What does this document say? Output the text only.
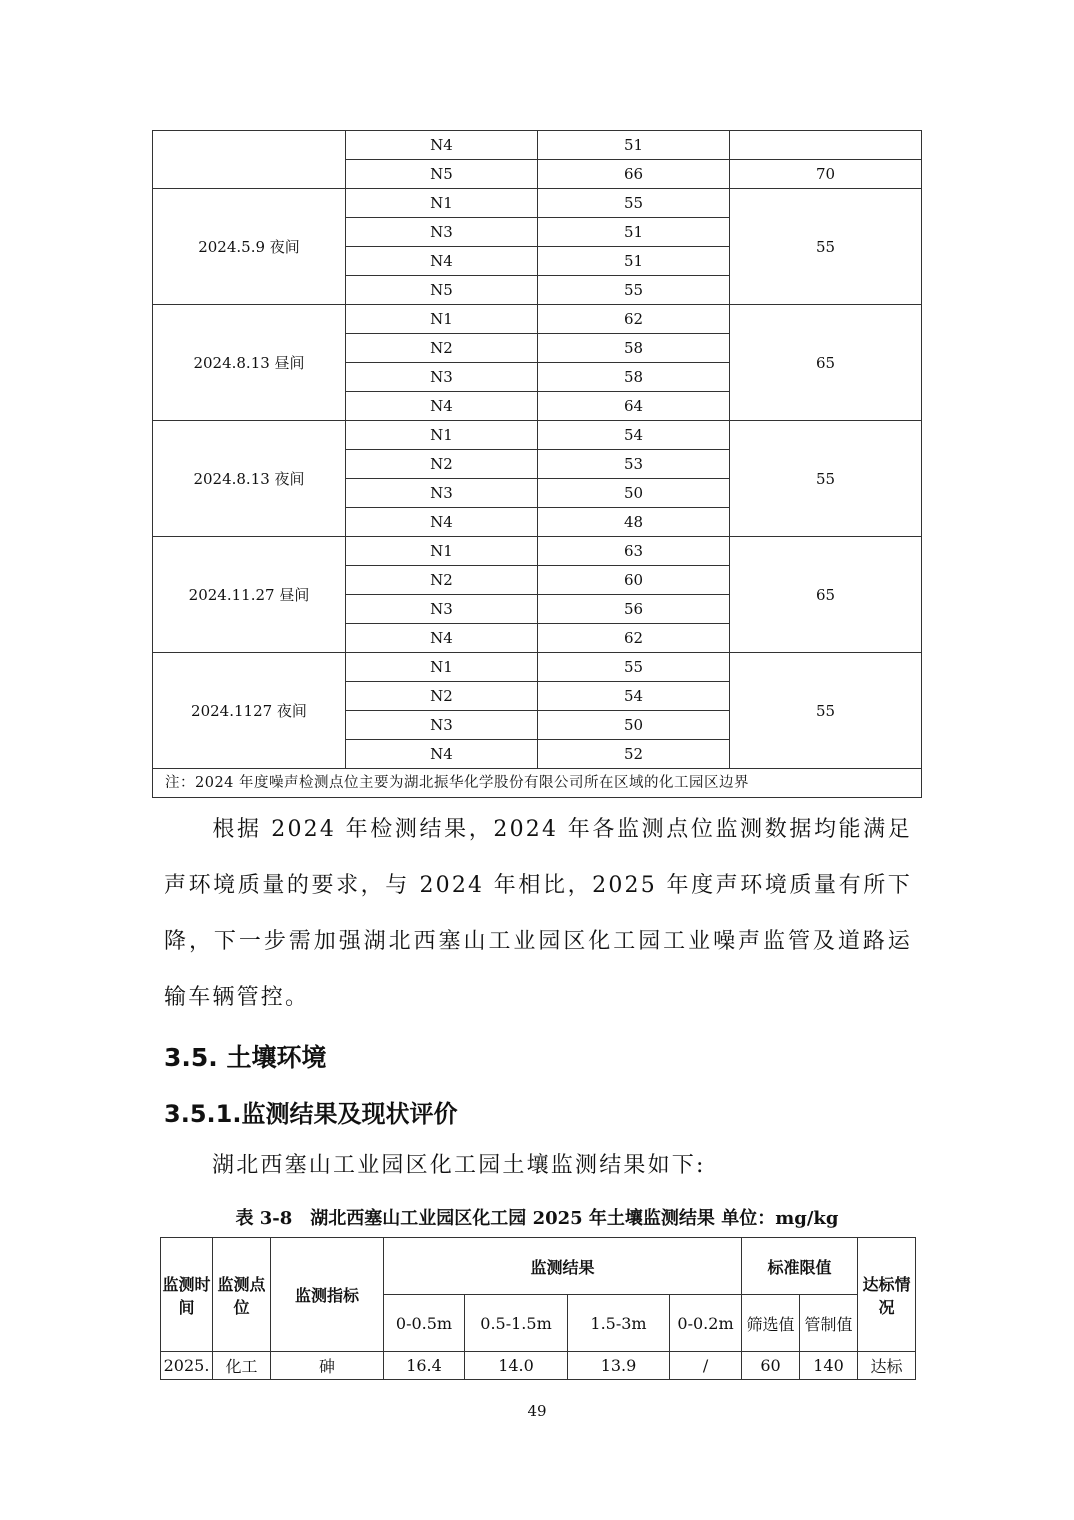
	N4	51	
	N5	66	70
2024.5.9 夜间	N1	55	55
	N3	51	
	N4	51	
	N5	55	
2024.8.13 昼间	N1	62	65
	N2	58	
	N3	58	
	N4	64	
2024.8.13 夜间	N1	54	55
	N2	53	
	N3	50	
	N4	48	
2024.11.27 昼间	N1	63	65
	N2	60	
	N3	56	
	N4	62	
2024.1127 夜间	N1	55	55
	N2	54	
	N3	50	
	N4	52	
注：2024 年度噪声检测点位主要为湖北振华化学股份有限公司所在区域的化工园区边界			
根据 2024 年检测结果，2024 年各监测点位监测数据均能满足声环境质量的要求，与 2024 年相比，2025 年度声环境质量有所下降，下一步需加强湖北西塞山工业园区化工园工业噪声监管及道路运输车辆管控。
3.5. 土壤环境
3.5.1.监测结果及现状评价
湖北西塞山工业园区化工园土壤监测结果如下:
表 3-8　湖北西塞山工业园区化工园 2025 年土壤监测结果 单位：mg/kg
监测时间	监测点位	监测指标	监测结果				标准限值		达标情况
			0-0.5m	0.5-1.5m	1.5-3m	0-0.2m	筛选值	管制值	
2025.	化工	砷	16.4	14.0	13.9	/	60	140	达标
49
